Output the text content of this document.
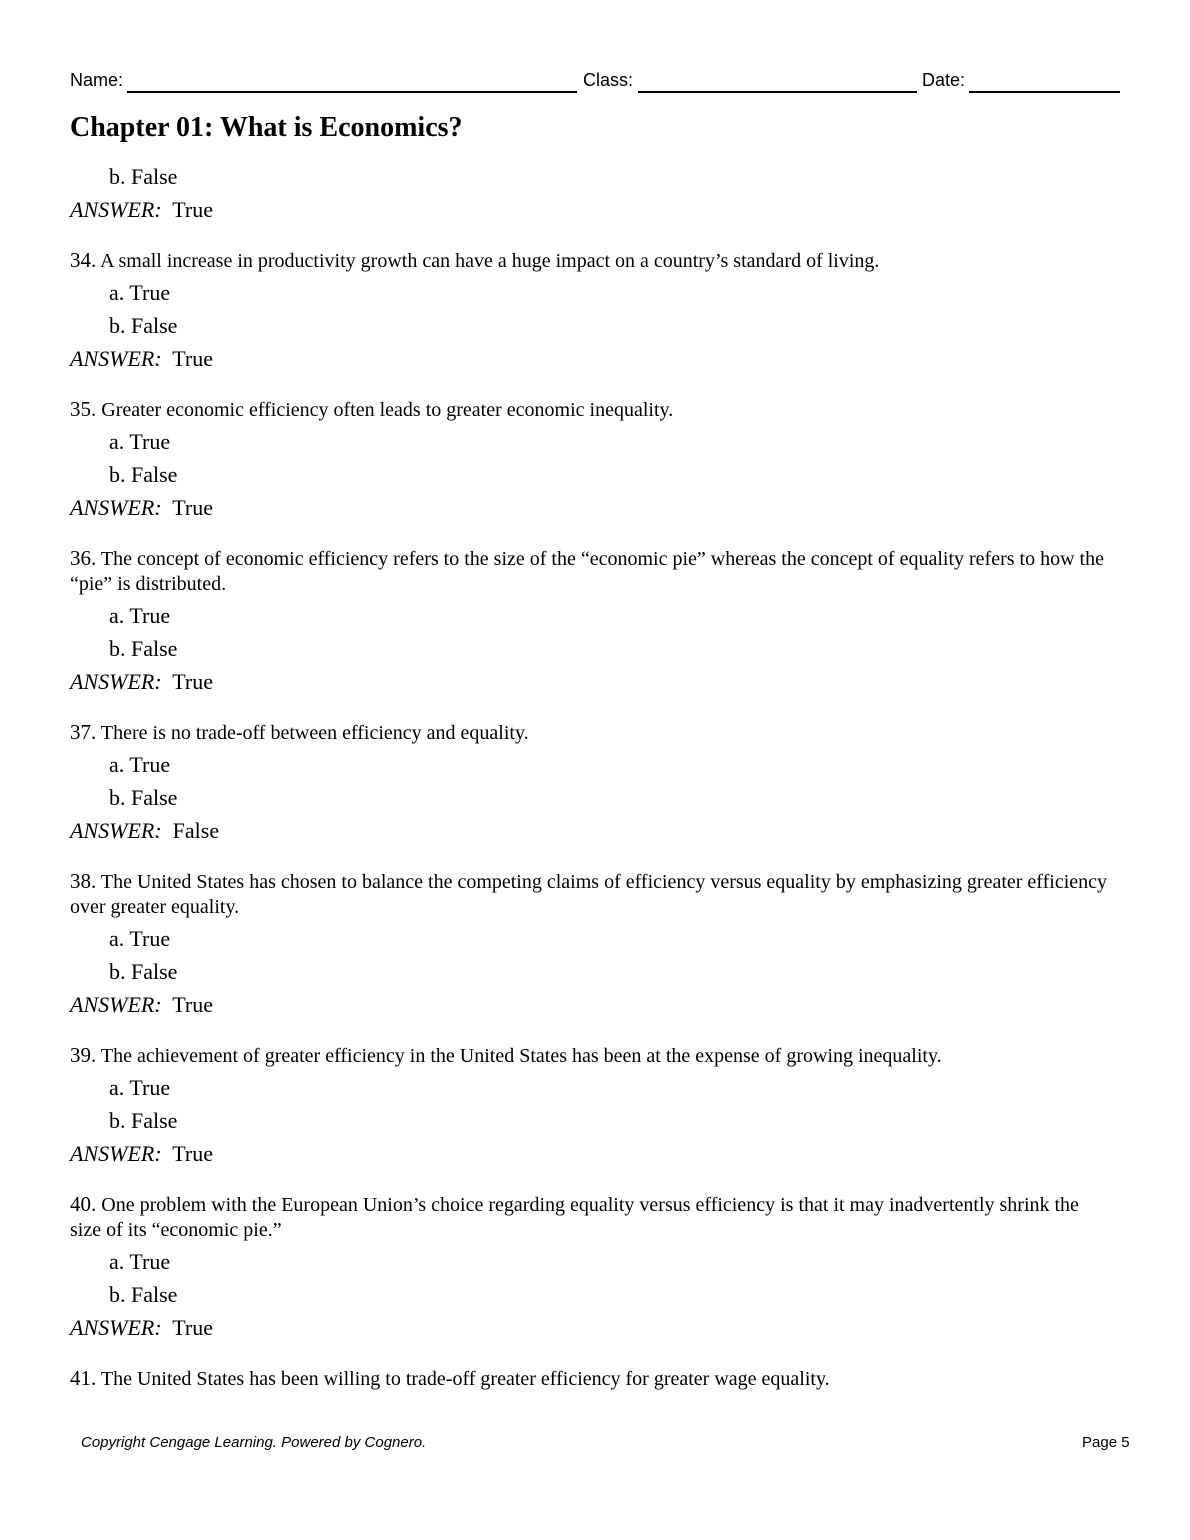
Name:	Class:	Date:
Chapter 01: What is Economics?
b. False

ANSWER: True

34. A small increase in productivity growth can have a huge impact on a country’s standard of living.

a. True
b. False

ANSWER: True

35. Greater economic efficiency often leads to greater economic inequality.

a. True
b. False

ANSWER: True

36. The concept of economic efficiency refers to the size of the “economic pie” whereas the concept of equality refers to how the “pie” is distributed.

a. True
b. False

ANSWER: True

37. There is no trade-off between efficiency and equality.

a. True
b. False

ANSWER: False

38. The United States has chosen to balance the competing claims of efficiency versus equality by emphasizing greater efficiency over greater equality.

a. True
b. False

ANSWER: True

39. The achievement of greater efficiency in the United States has been at the expense of growing inequality.

a. True
b. False

ANSWER: True

40. One problem with the European Union’s choice regarding equality versus efficiency is that it may inadvertently shrink the size of its “economic pie.”

a. True
b. False

ANSWER: True

41. The United States has been willing to trade-off greater efficiency for greater wage equality.

Copyright Cengage Learning. Powered by Cognero.	Page 5
